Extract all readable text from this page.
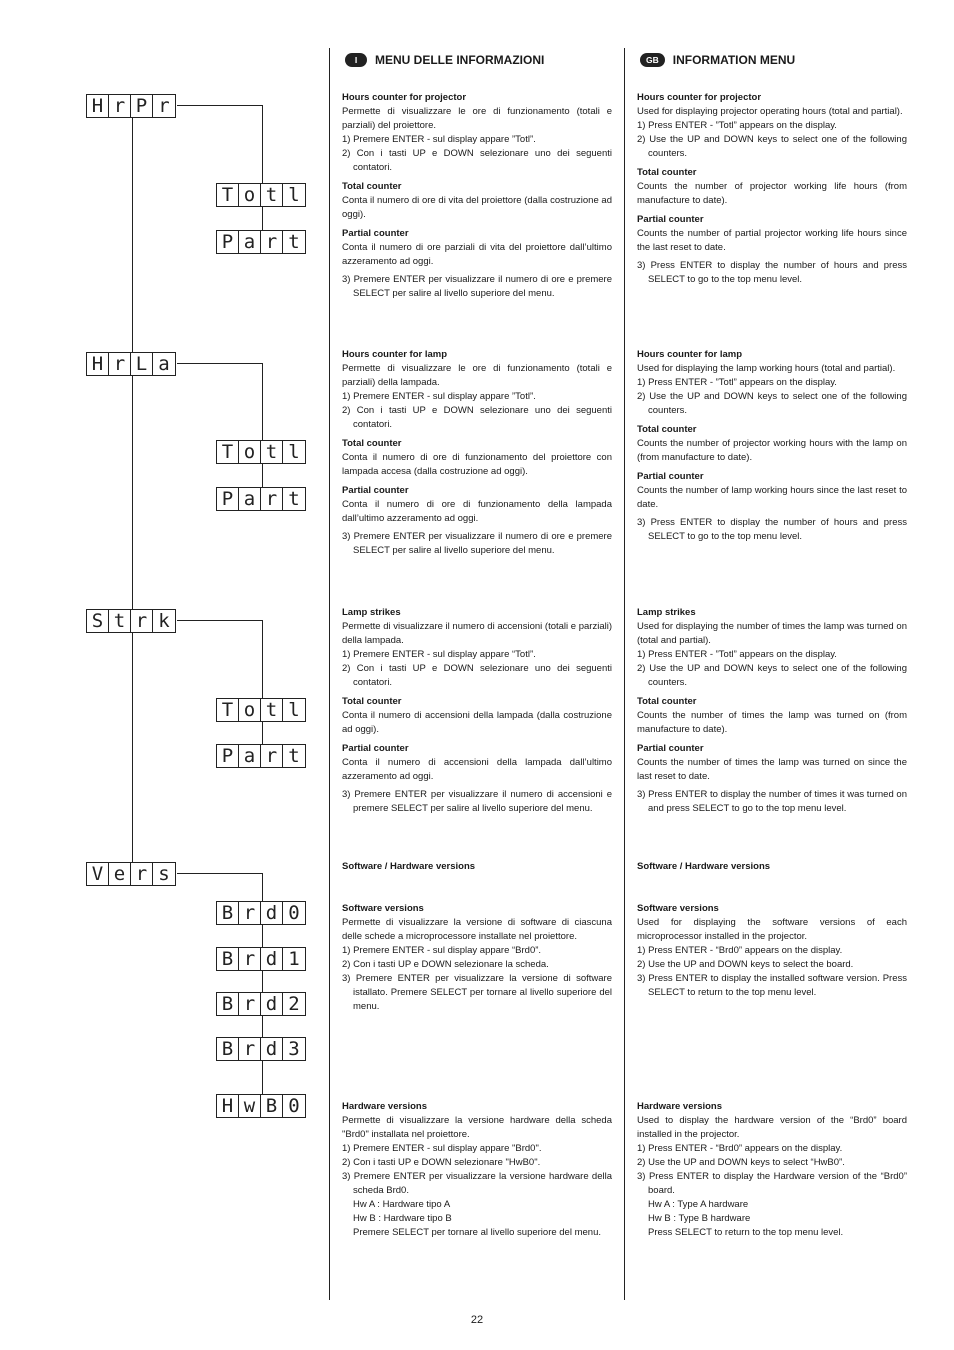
H r P r
T o t l
P a r t
H r L a
T o t l
P a r t
S t r k
T o t l
P a r t
V e r s
B r d 0
B r d 1
B r d 2
B r d 3
H w B 0
I	MENU DELLE INFORMAZIONI	GB	INFORMATION MENU
Hours counter for projector
Permette di visualizzare le ore di funzionamento (totali e parziali) del proiettore.
1) Premere ENTER - sul display appare ”Totl”.
2) Con i tasti UP e DOWN selezionare uno dei seguenti contatori.
Total counter
Conta il numero di ore di vita del proiettore (dalla costruzione ad oggi).
Partial counter
Conta il numero di ore parziali di vita del proiettore dall’ultimo azzeramento ad oggi.
3) Premere ENTER per visualizzare il numero di ore e premere SELECT per salire al livello superiore del menu.
Hours counter for lamp
Permette di visualizzare le ore di funzionamento (totali e parziali) della lampada.
1) Premere ENTER - sul display appare ”Totl”.
2) Con i tasti UP e DOWN selezionare uno dei seguenti contatori.
Total counter
Conta il numero di ore di funzionamento del proiettore con lampada accesa (dalla costruzione ad oggi).
Partial counter
Conta il numero di ore di funzionamento della lampada dall’ultimo azzeramento ad oggi.
3) Premere ENTER per visualizzare il numero di ore e premere SELECT per salire al livello superiore del menu.
Lamp strikes
Permette di visualizzare il numero di accensioni (totali e parziali) della lampada.
1) Premere ENTER - sul display appare “Totl”.
2) Con i tasti UP e DOWN selezionare uno dei seguenti contatori.
Total counter
Conta il numero di accensioni della lampada (dalla costruzione ad oggi).
Partial counter
Conta il numero di accensioni della lampada dall’ultimo azzeramento ad oggi.
3) Premere ENTER per visualizzare il numero di accensioni e premere SELECT per salire al livello superiore del menu.
Software / Hardware versions
Software versions
Permette di visualizzare la versione di software di ciascuna delle schede a microprocessore installate nel proiettore.
1) Premere ENTER - sul display appare “Brd0”.
2) Con i tasti UP e DOWN selezionare la scheda.
3) Premere ENTER per visualizzare la versione di software istallato. Premere SELECT per tornare al livello superiore del menu.
Hardware versions
Permette di visualizzare la versione hardware della scheda "Brd0" installata nel proiettore.
1) Premere ENTER - sul display appare "Brd0".
2) Con i tasti UP e DOWN selezionare "HwB0".
3) Premere ENTER per visualizzare la versione hardware della scheda Brd0.
Hw A : Hardware tipo A
Hw B : Hardware tipo B
Premere SELECT per tornare al livello superiore del menu.
Hours counter for projector
Used for displaying projector operating hours (total and partial).
1) Press ENTER - ”Totl” appears on the display.
2) Use the UP and DOWN keys to select one of the following counters.
Total counter
Counts the number of projector working life hours (from manufacture to date).
Partial counter
Counts the number of partial projector working life hours since the last reset to date.
3) Press ENTER to display the number of hours and press SELECT to go to the top menu level.
Hours counter for lamp
Used for displaying the lamp working hours (total and partial).
1) Press ENTER - ”Totl” appears on the display.
2) Use the UP and DOWN keys to select one of the following counters.
Total counter
Counts the number of projector working hours with the lamp on (from manufacture to date).
Partial counter
Counts the number of lamp working hours since the last reset to date.
3) Press ENTER to display the number of hours and press SELECT to go to the top menu level.
Lamp strikes
Used for displaying the number of times the lamp was turned on (total and partial).
1) Press ENTER - ”Totl” appears on the display.
2) Use the UP and DOWN keys to select one of the following counters.
Total counter
Counts the number of times the lamp was turned on (from manufacture to date).
Partial counter
Counts the number of times the lamp was turned on since the last reset to date.
3) Press ENTER to display the number of times it was turned on and press SELECT to go to the top menu level.
Software / Hardware versions
Software versions
Used for displaying the software versions of each microprocessor installed in the projector.
1) Press ENTER - “Brd0” appears on the display.
2) Use the UP and DOWN keys to select the board.
3) Press ENTER to display the installed software version. Press SELECT to return to the top menu level.
Hardware versions
Used to display the hardware version of the “Brd0” board installed in the projector.
1) Press ENTER - “Brd0” appears on the display.
2) Use the UP and DOWN keys to select “HwB0”.
3) Press ENTER to display the Hardware version of the “Brd0” board.
Hw A : Type A hardware
Hw B : Type B hardware
Press SELECT to return to the top menu level.
22
